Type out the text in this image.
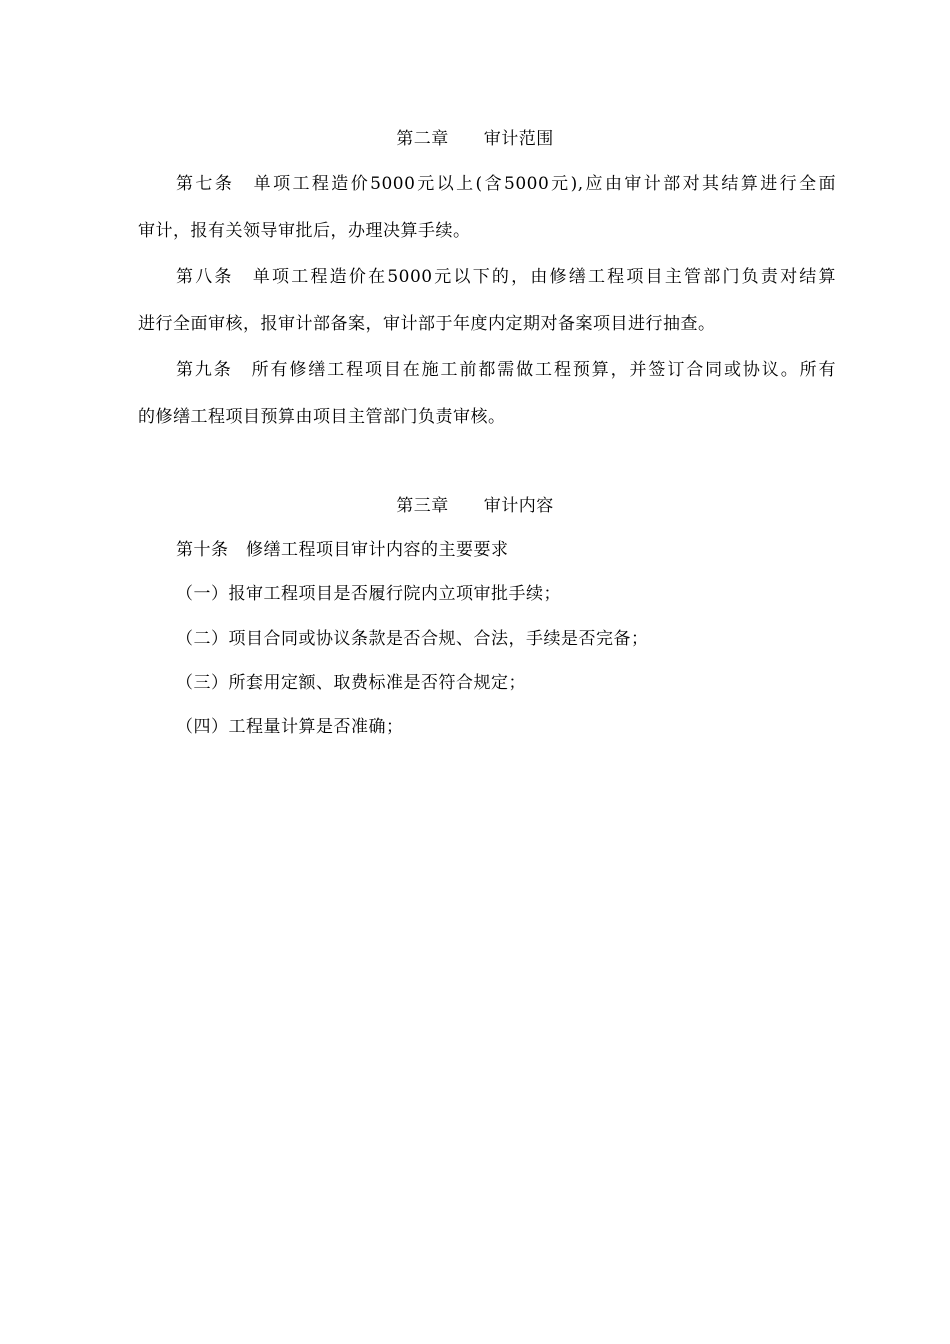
第二章　　审计范围
第七条　单项工程造价5000元以上(含5000元),应由审计部对其结算进行全面
审计，报有关领导审批后，办理决算手续。
第八条　单项工程造价在5000元以下的，由修缮工程项目主管部门负责对结算
进行全面审核，报审计部备案，审计部于年度内定期对备案项目进行抽查。
第九条　所有修缮工程项目在施工前都需做工程预算，并签订合同或协议。所有
的修缮工程项目预算由项目主管部门负责审核。
第三章　　审计内容
第十条　修缮工程项目审计内容的主要要求
（一）报审工程项目是否履行院内立项审批手续；
（二）项目合同或协议条款是否合规、合法，手续是否完备；
（三）所套用定额、取费标准是否符合规定；
（四）工程量计算是否准确；
